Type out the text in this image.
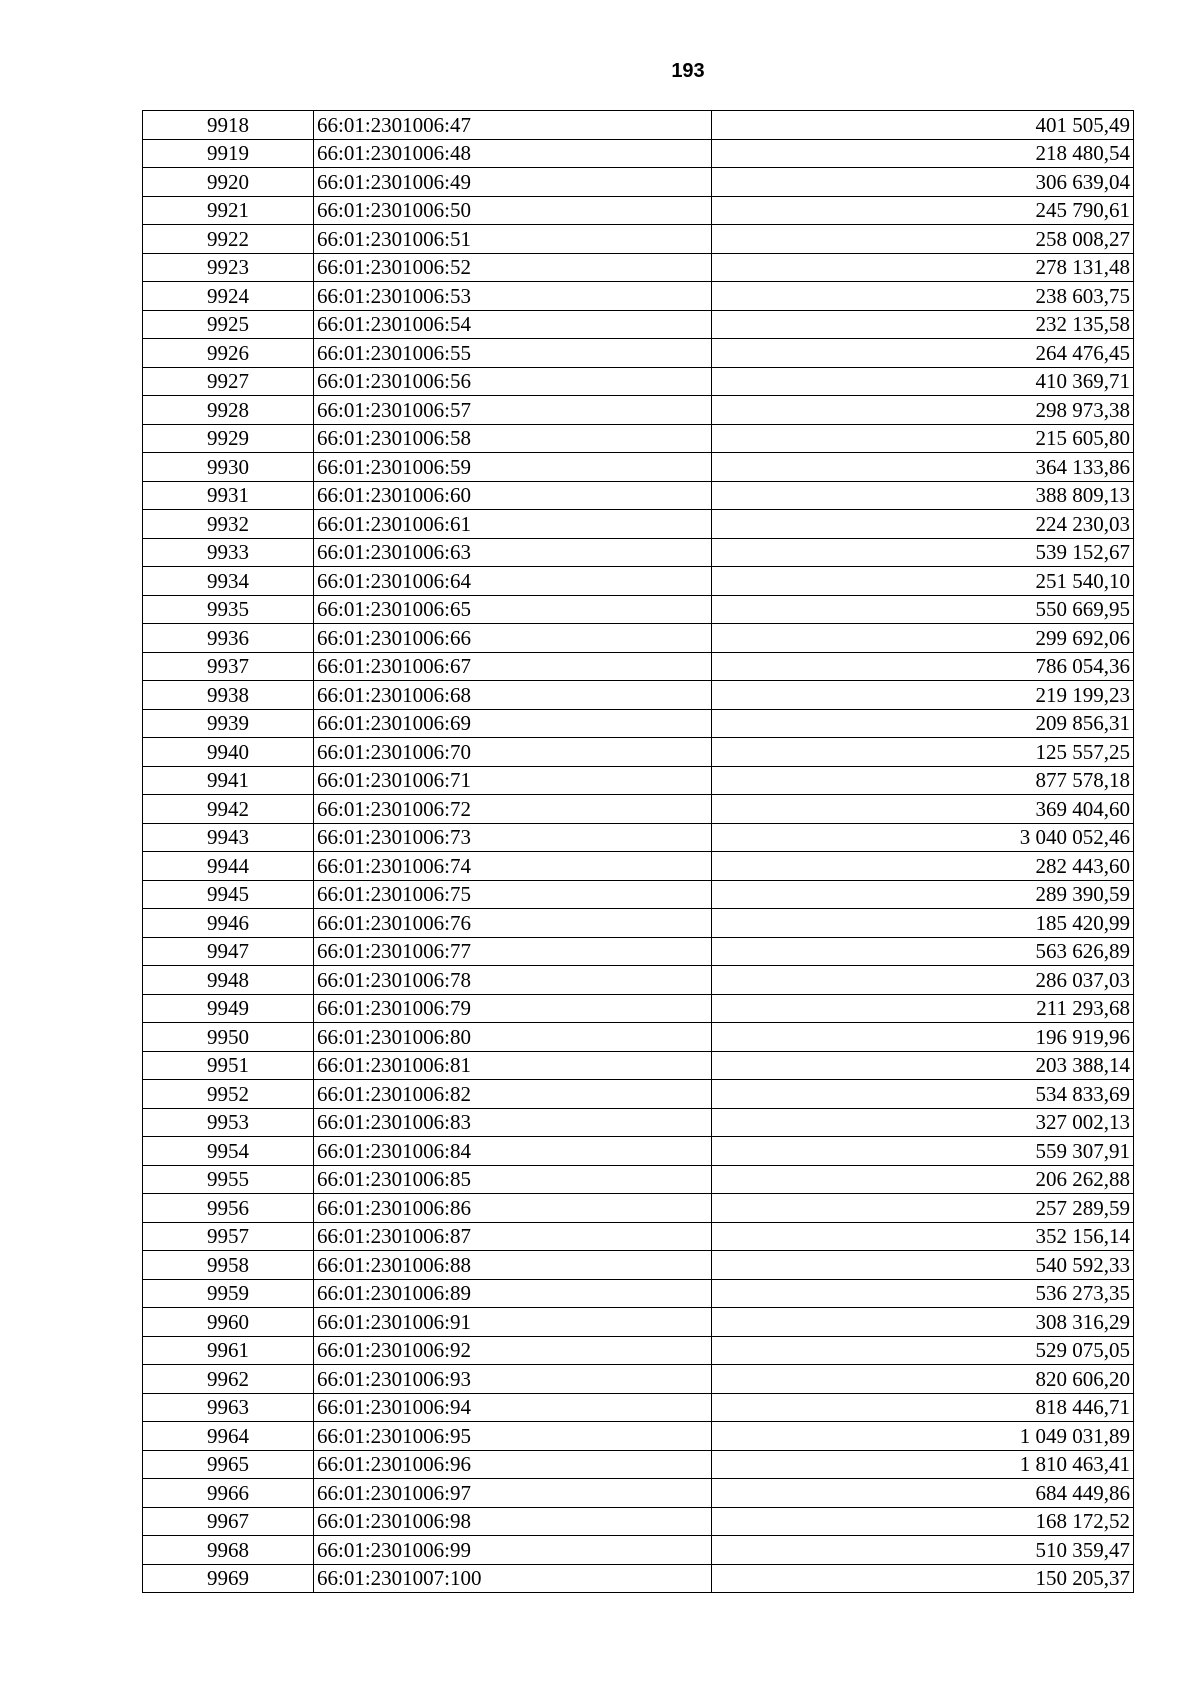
193
9918	66:01:2301006:47	401 505,49
9919	66:01:2301006:48	218 480,54
9920	66:01:2301006:49	306 639,04
9921	66:01:2301006:50	245 790,61
9922	66:01:2301006:51	258 008,27
9923	66:01:2301006:52	278 131,48
9924	66:01:2301006:53	238 603,75
9925	66:01:2301006:54	232 135,58
9926	66:01:2301006:55	264 476,45
9927	66:01:2301006:56	410 369,71
9928	66:01:2301006:57	298 973,38
9929	66:01:2301006:58	215 605,80
9930	66:01:2301006:59	364 133,86
9931	66:01:2301006:60	388 809,13
9932	66:01:2301006:61	224 230,03
9933	66:01:2301006:63	539 152,67
9934	66:01:2301006:64	251 540,10
9935	66:01:2301006:65	550 669,95
9936	66:01:2301006:66	299 692,06
9937	66:01:2301006:67	786 054,36
9938	66:01:2301006:68	219 199,23
9939	66:01:2301006:69	209 856,31
9940	66:01:2301006:70	125 557,25
9941	66:01:2301006:71	877 578,18
9942	66:01:2301006:72	369 404,60
9943	66:01:2301006:73	3 040 052,46
9944	66:01:2301006:74	282 443,60
9945	66:01:2301006:75	289 390,59
9946	66:01:2301006:76	185 420,99
9947	66:01:2301006:77	563 626,89
9948	66:01:2301006:78	286 037,03
9949	66:01:2301006:79	211 293,68
9950	66:01:2301006:80	196 919,96
9951	66:01:2301006:81	203 388,14
9952	66:01:2301006:82	534 833,69
9953	66:01:2301006:83	327 002,13
9954	66:01:2301006:84	559 307,91
9955	66:01:2301006:85	206 262,88
9956	66:01:2301006:86	257 289,59
9957	66:01:2301006:87	352 156,14
9958	66:01:2301006:88	540 592,33
9959	66:01:2301006:89	536 273,35
9960	66:01:2301006:91	308 316,29
9961	66:01:2301006:92	529 075,05
9962	66:01:2301006:93	820 606,20
9963	66:01:2301006:94	818 446,71
9964	66:01:2301006:95	1 049 031,89
9965	66:01:2301006:96	1 810 463,41
9966	66:01:2301006:97	684 449,86
9967	66:01:2301006:98	168 172,52
9968	66:01:2301006:99	510 359,47
9969	66:01:2301007:100	150 205,37
